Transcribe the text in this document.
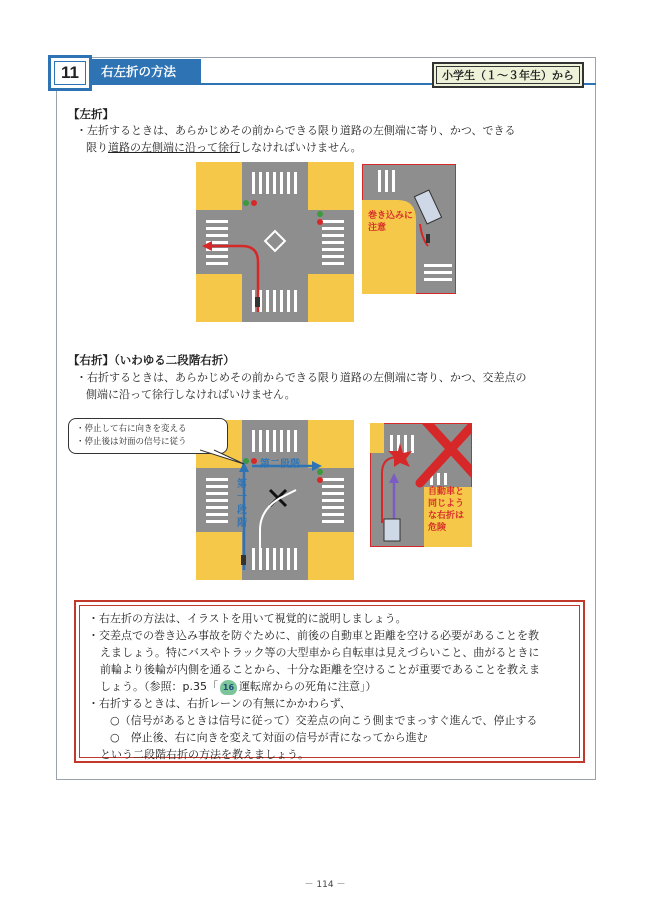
11	右左折の方法	小学生（１～３年生）から
【左折】
・左折するときは、あらかじめその前からできる限り道路の左側端に寄り、かつ、できる
限り道路の左側端に沿って徐行しなければいけません。
巻き込みに
注意
【右折】（いわゆる二段階右折）
・右折するときは、あらかじめその前からできる限り道路の左側端に寄り、かつ、交差点の
側端に沿って徐行しなければいけません。
第二段階
第一段階
・停止して右に向きを変える
・停止後は対面の信号に従う
自動車と
同じよう
な右折は
危険
・右左折の方法は、イラストを用いて視覚的に説明しましょう。
・交差点での巻き込み事故を防ぐために、前後の自動車と距離を空ける必要があることを教
えましょう。特にバスやトラック等の大型車から自転車は見えづらいこと、曲がるときに
前輪より後輪が内側を通ることから、十分な距離を空けることが重要であることを教えま
しょう。（参照：p.35「 16 運転席からの死角に注意」）
・右折するときは、右折レーンの有無にかかわらず、
○（信号があるときは信号に従って）交差点の向こう側までまっすぐ進んで、停止する
○　停止後、右に向きを変えて対面の信号が青になってから進む
という二段階右折の方法を教えましょう。
－ 114 －
